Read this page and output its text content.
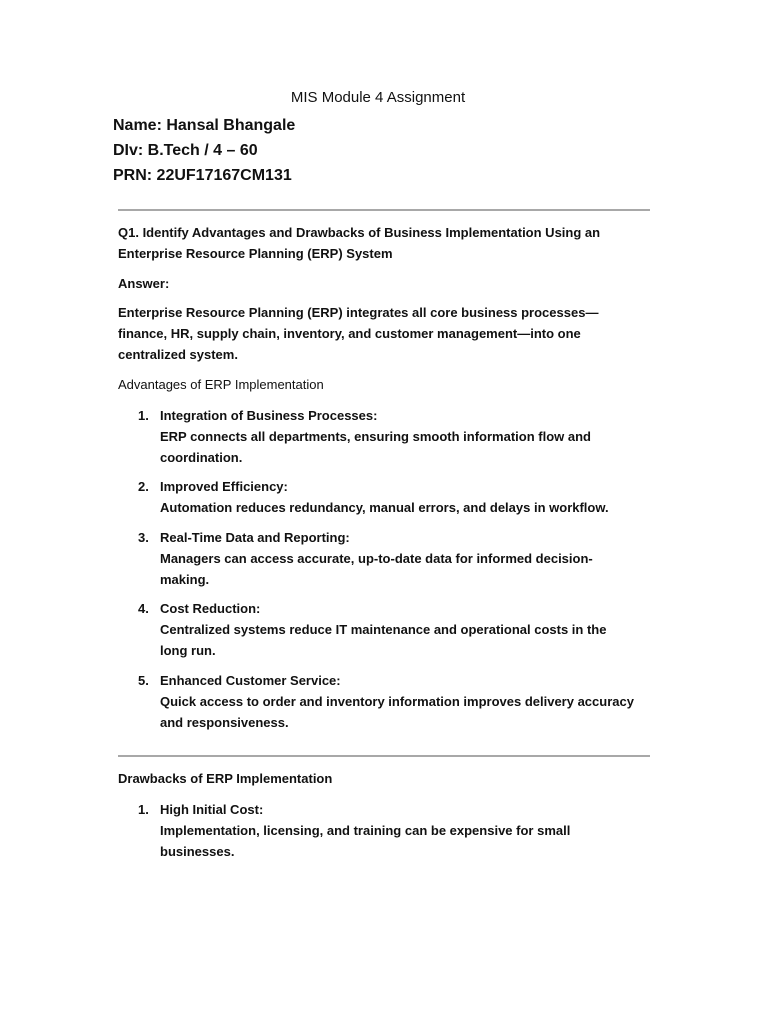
MIS Module 4 Assignment
Name: Hansal Bhangale
DIv: B.Tech / 4 – 60
PRN: 22UF17167CM131
Q1. Identify Advantages and Drawbacks of Business Implementation Using an
Enterprise Resource Planning (ERP) System
Answer:
Enterprise Resource Planning (ERP) integrates all core business processes—
finance, HR, supply chain, inventory, and customer management—into one
centralized system.
Advantages of ERP Implementation
1. Integration of Business Processes:
ERP connects all departments, ensuring smooth information flow and
coordination.
2. Improved Efficiency:
Automation reduces redundancy, manual errors, and delays in workflow.
3. Real-Time Data and Reporting:
Managers can access accurate, up-to-date data for informed decision-
making.
4. Cost Reduction:
Centralized systems reduce IT maintenance and operational costs in the
long run.
5. Enhanced Customer Service:
Quick access to order and inventory information improves delivery accuracy
and responsiveness.
Drawbacks of ERP Implementation
1. High Initial Cost:
Implementation, licensing, and training can be expensive for small
businesses.
